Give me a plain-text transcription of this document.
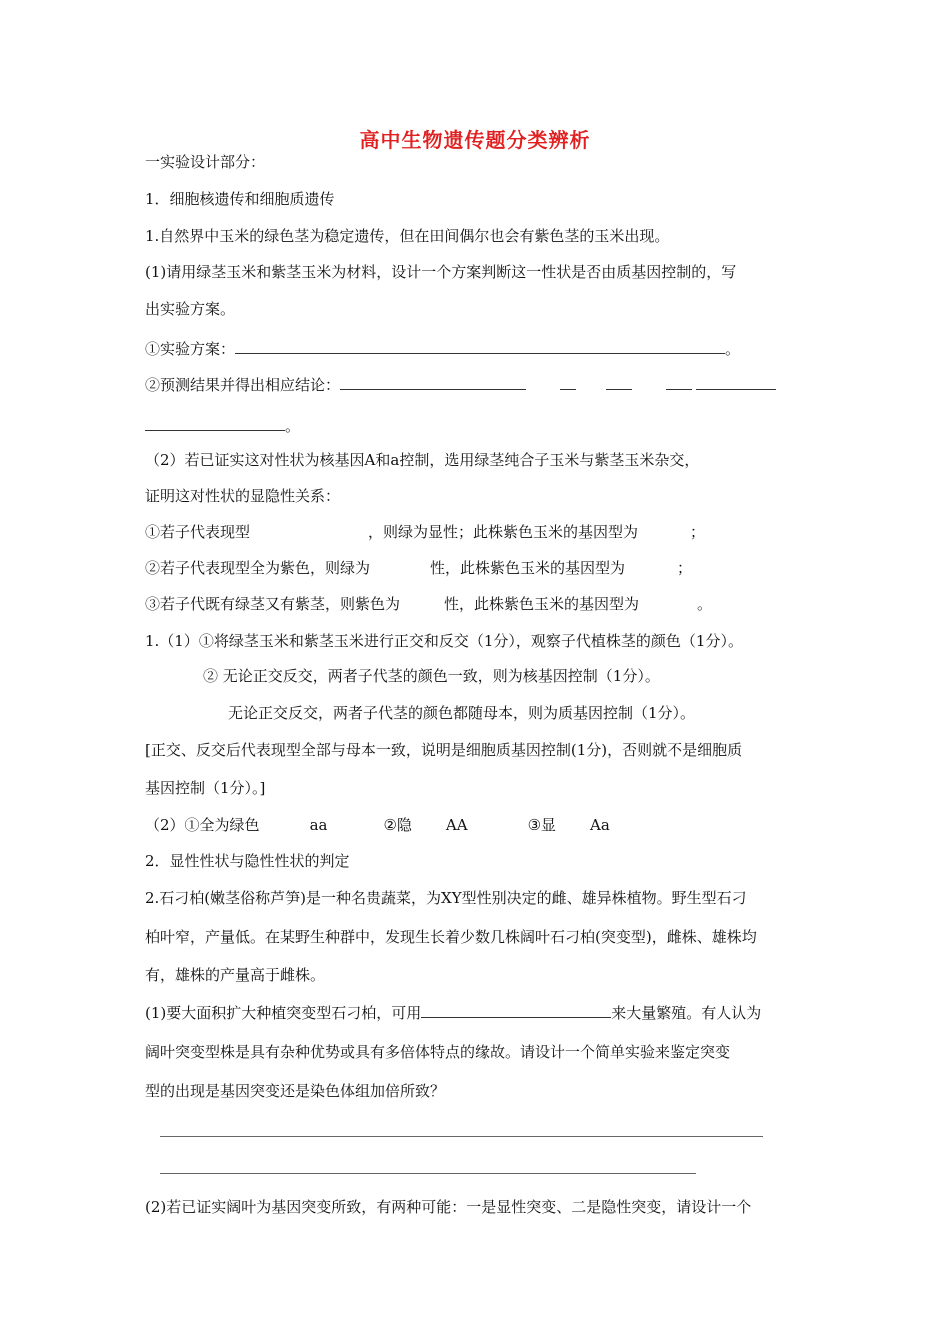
高中生物遗传题分类辨析
一实验设计部分：
1．细胞核遗传和细胞质遗传
1.自然界中玉米的绿色茎为稳定遗传，但在田间偶尔也会有紫色茎的玉米出现。
(1)请用绿茎玉米和紫茎玉米为材料，设计一个方案判断这一性状是否由质基因控制的，写
出实验方案。
①实验方案：	。
②预测结果并得出相应结论：
。
（2）若已证实这对性状为核基因A和a控制，选用绿茎纯合子玉米与紫茎玉米杂交，
证明这对性状的显隐性关系：
①若子代表现型	，则绿为显性；此株紫色玉米的基因型为	；
②若子代表现型全为紫色，则绿为	性，此株紫色玉米的基因型为	；
③若子代既有绿茎又有紫茎，则紫色为	性，此株紫色玉米的基因型为	。
1.（1）①将绿茎玉米和紫茎玉米进行正交和反交（1分），观察子代植株茎的颜色（1分）。
② 无论正交反交，两者子代茎的颜色一致，则为核基因控制（1分）。
无论正交反交，两者子代茎的颜色都随母本，则为质基因控制（1分）。
[正交、反交后代表现型全部与母本一致，说明是细胞质基因控制(1分)，否则就不是细胞质
基因控制（1分）。]
（2）①全为绿色	aa	②隐 AA	③显 Aa
2．显性性状与隐性性状的判定
2.石刁柏(嫩茎俗称芦笋)是一种名贵蔬菜，为XY型性别决定的雌、雄异株植物。野生型石刁
柏叶窄，产量低。在某野生种群中，发现生长着少数几株阔叶石刁柏(突变型)，雌株、雄株均
有，雄株的产量高于雌株。
(1)要大面积扩大种植突变型石刁柏，可用	来大量繁殖。有人认为
阔叶突变型株是具有杂种优势或具有多倍体特点的缘故。请设计一个简单实验来鉴定突变
型的出现是基因突变还是染色体组加倍所致？
(2)若已证实阔叶为基因突变所致，有两种可能：一是显性突变、二是隐性突变，请设计一个
